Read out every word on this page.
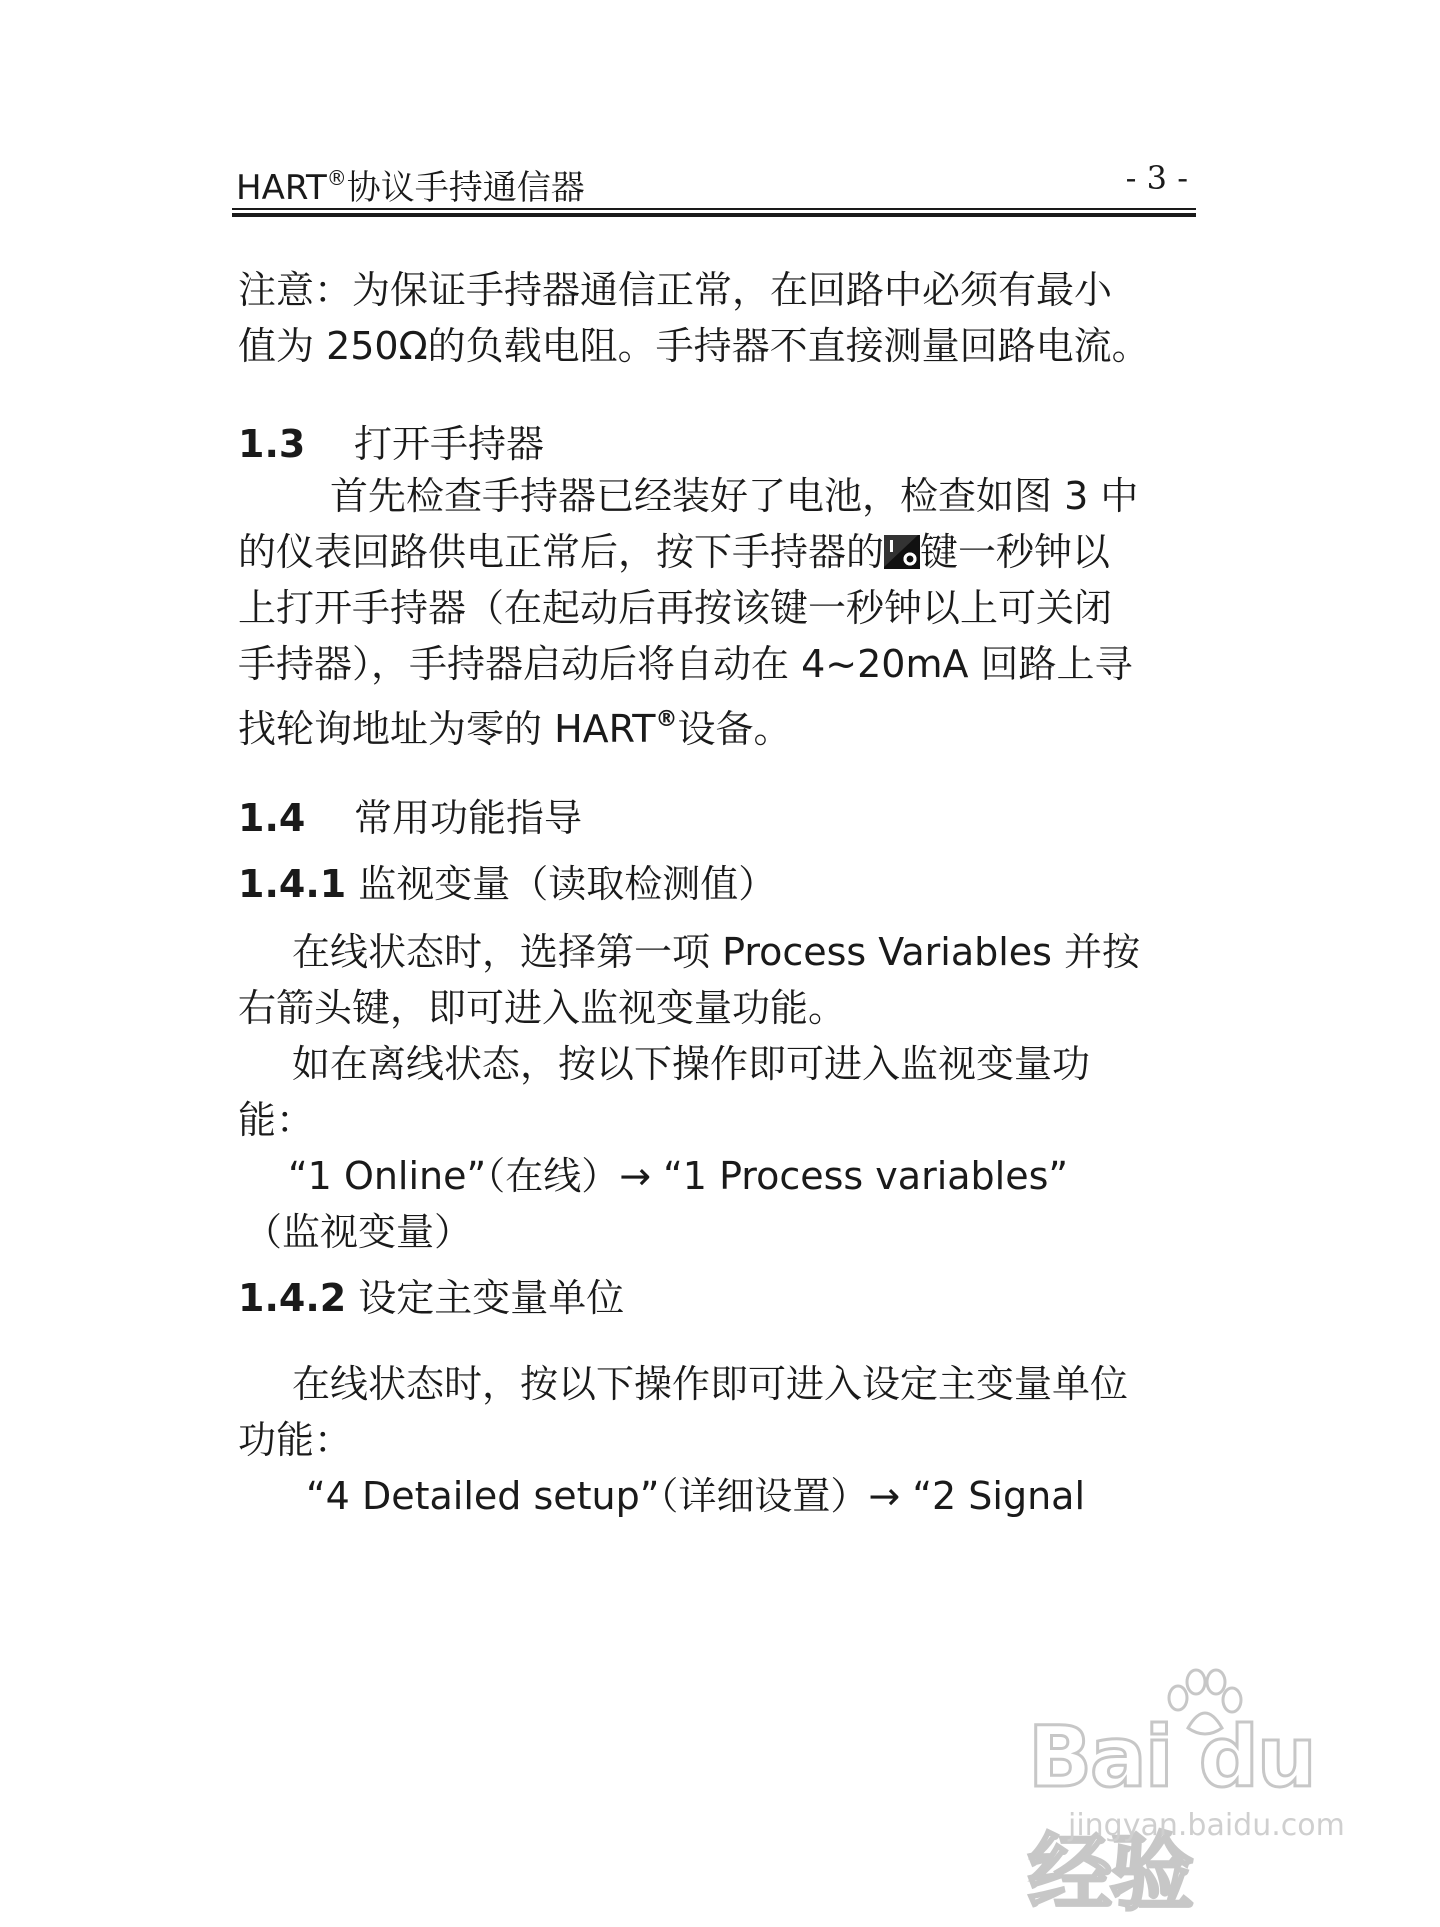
HART®协议手持通信器	- 3 -
注意：为保证手持器通信正常，在回路中必须有最小
值为 250Ω的负载电阻。手持器不直接测量回路电流。
1.3 打开手持器
首先检查手持器已经装好了电池，检查如图 3 中
的仪表回路供电正常后，按下手持器的 键一秒钟以
上打开手持器（在起动后再按该键一秒钟以上可关闭
手持器），手持器启动后将自动在 4~20mA 回路上寻
找轮询地址为零的 HART®设备。
1.4 常用功能指导
1.4.1 监视变量（读取检测值）
在线状态时，选择第一项 Process Variables 并按
右箭头键，即可进入监视变量功能。
如在离线状态，按以下操作即可进入监视变量功
能：
“1 Online”（在线）→ “1 Process variables”
（监视变量）
1.4.2 设定主变量单位
在线状态时，按以下操作即可进入设定主变量单位
功能：
“4 Detailed setup”（详细设置）→ “2 Signal
Bai du 经验
jingyan.baidu.com
